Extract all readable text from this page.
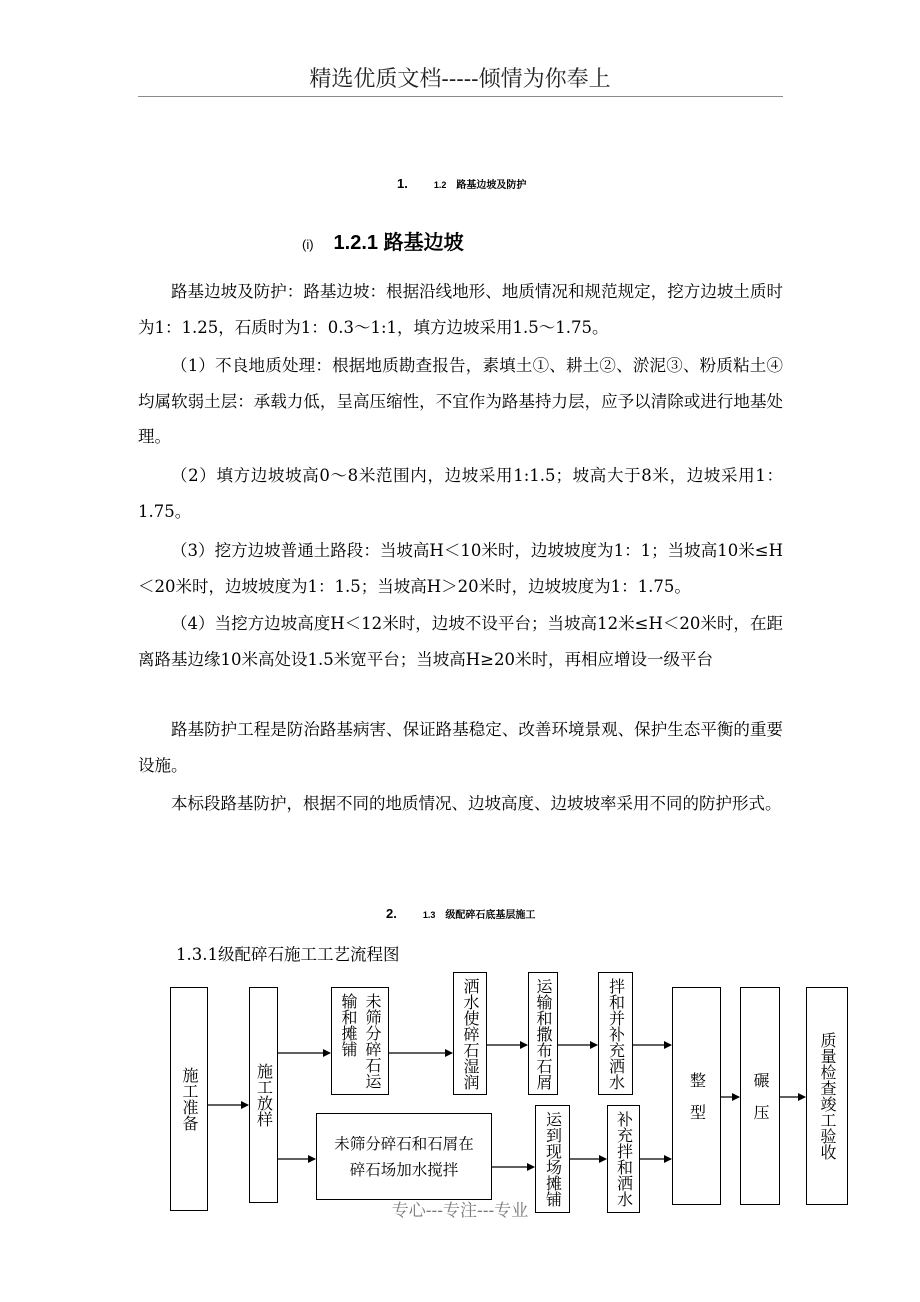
精选优质文档-----倾情为你奉上
1.	1.2 路基边坡及防护
(i) 1.2.1 路基边坡
路基边坡及防护：路基边坡：根据沿线地形、地质情况和规范规定，挖方边坡土质时为1：1.25，石质时为1：0.3～1:1，填方边坡采用1.5～1.75。
（1）不良地质处理：根据地质勘查报告，素填土①、耕土②、淤泥③、粉质粘土④均属软弱土层：承载力低，呈高压缩性，不宜作为路基持力层，应予以清除或进行地基处理。
（2）填方边坡坡高0～8米范围内，边坡采用1:1.5；坡高大于8米，边坡采用1：1.75。
（3）挖方边坡普通土路段：当坡高H＜10米时，边坡坡度为1：1；当坡高10米≤H＜20米时，边坡坡度为1：1.5；当坡高H＞20米时，边坡坡度为1：1.75。
（4）当挖方边坡高度H＜12米时，边坡不设平台；当坡高12米≤H＜20米时，在距离路基边缘10米高处设1.5米宽平台；当坡高H≥20米时，再相应增设一级平台
路基防护工程是防治路基病害、保证路基稳定、改善环境景观、保护生态平衡的重要设施。
本标段路基防护，根据不同的地质情况、边坡高度、边坡坡率采用不同的防护形式。
2.	1.3 级配碎石底基层施工
1.3.1级配碎石施工工艺流程图
施工准备	施工放样
未筛分碎石运输和摊铺	洒水使碎石湿润	运输和撒布石屑	拌和并补充洒水
未筛分碎石和石屑在碎石场加水搅拌	运到现场摊铺	补充拌和洒水
整　型	碾　压	质量检查竣工验收
专心---专注---专业
